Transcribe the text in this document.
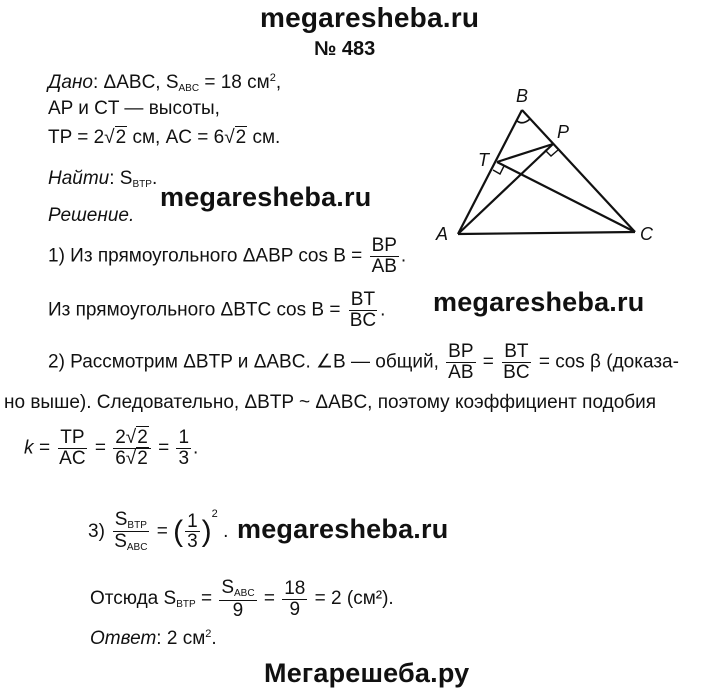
megaresheba.ru
№ 483
Дано: ΔABC, $S_{ABC} = 18$ $см^2$,
AP и CT — высоты,
TP = 2√2 см, AC = 6√2 см.
Найти: $S_{BTP}$.
megaresheba.ru
Решение.
1) Из прямоугольного ΔABP $\cos B = \frac{BP}{AB}$ .
Из прямоугольного ΔBTC $\cos B = \frac{BT}{BC}$ . megaresheba.ru
2) Рассмотрим ΔBTP и ΔABC. ∠B — общий, $\frac{BP}{AB} = \frac{BT}{BC} = \cos \beta$ (доказа-
но выше). Следовательно, ΔBTP ~ ΔABC, поэтому коэффициент подобия
$k = \frac{TP}{AC} = \frac{2√2}{6√2} = \frac{1}{3}$ .
$3) \frac{S_{BTP}}{S_{ABC}}$ = ( $\frac{1}{3} )^2$ . megaresheba.ru
Отсюда $S_{BTP} = \frac{S_{ABC}}{9} = \frac{18}{9} = 2$ (см²).
Ответ: 2 $см^2$.
Мегарешеба.ру
B
P
T
A	C
